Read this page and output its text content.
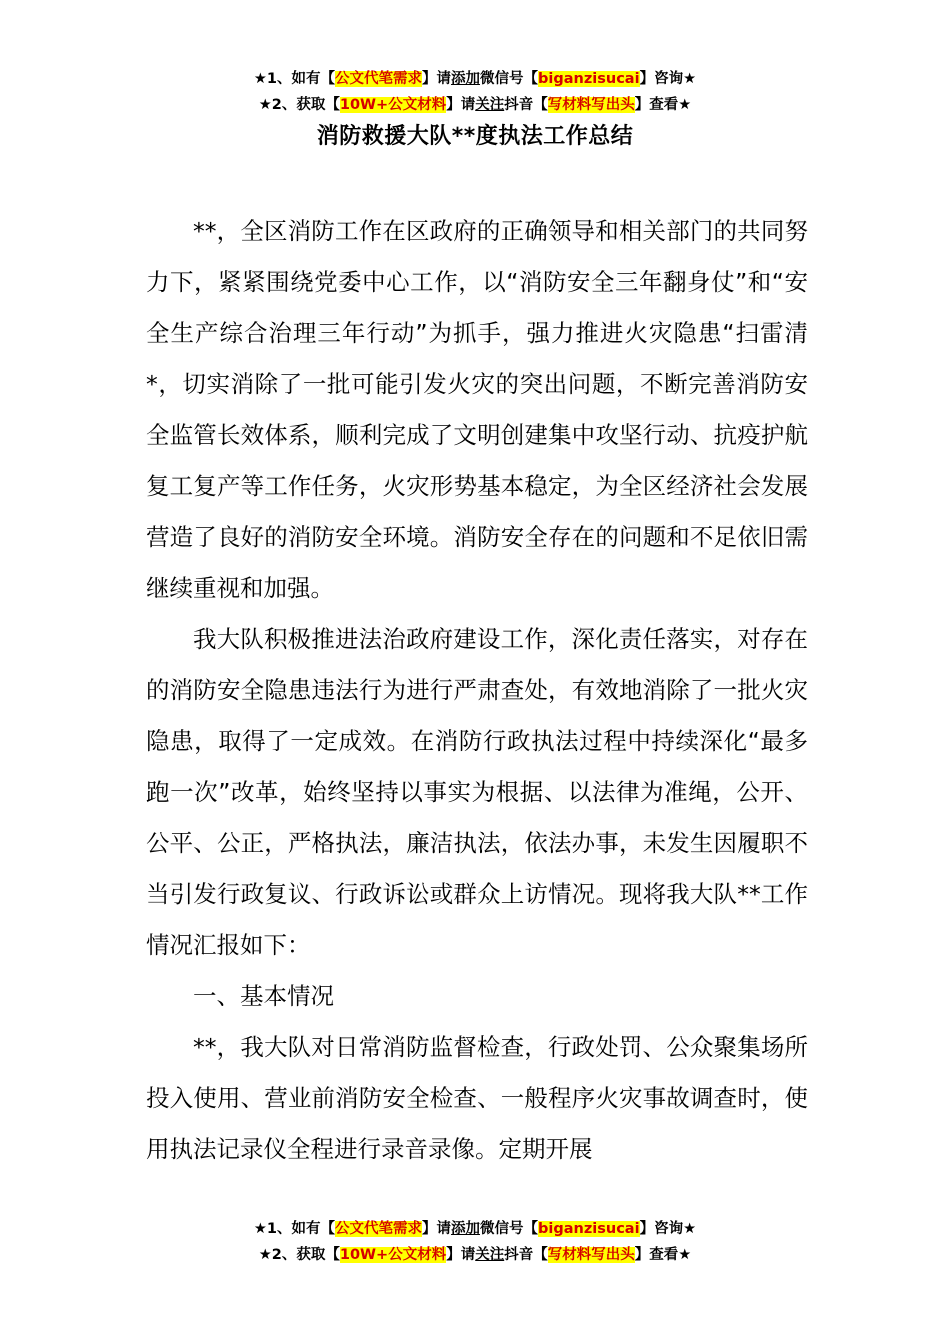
★1、如有【公文代笔需求】请添加微信号【biganzisucai】咨询★
★2、获取【10W+公文材料】请关注抖音【写材料写出头】查看★
消防救援大队**度执法工作总结

**，全区消防工作在区政府的正确领导和相关部门的共同努力下，紧紧围绕党委中心工作，以“消防安全三年翻身仗”和“安全生产综合治理三年行动”为抓手，强力推进火灾隐患“扫雷清*，切实消除了一批可能引发火灾的突出问题，不断完善消防安全监管长效体系，顺利完成了文明创建集中攻坚行动、抗疫护航复工复产等工作任务，火灾形势基本稳定，为全区经济社会发展营造了良好的消防安全环境。消防安全存在的问题和不足依旧需继续重视和加强。

我大队积极推进法治政府建设工作，深化责任落实，对存在的消防安全隐患违法行为进行严肃查处，有效地消除了一批火灾隐患，取得了一定成效。在消防行政执法过程中持续深化“最多跑一次”改革，始终坚持以事实为根据、以法律为准绳，公开、公平、公正，严格执法，廉洁执法，依法办事，未发生因履职不当引发行政复议、行政诉讼或群众上访情况。现将我大队**工作情况汇报如下：

一、基本情况

**，我大队对日常消防监督检查，行政处罚、公众聚集场所投入使用、营业前消防安全检查、一般程序火灾事故调查时，使用执法记录仪全程进行录音录像。定期开展

★1、如有【公文代笔需求】请添加微信号【biganzisucai】咨询★
★2、获取【10W+公文材料】请关注抖音【写材料写出头】查看★
